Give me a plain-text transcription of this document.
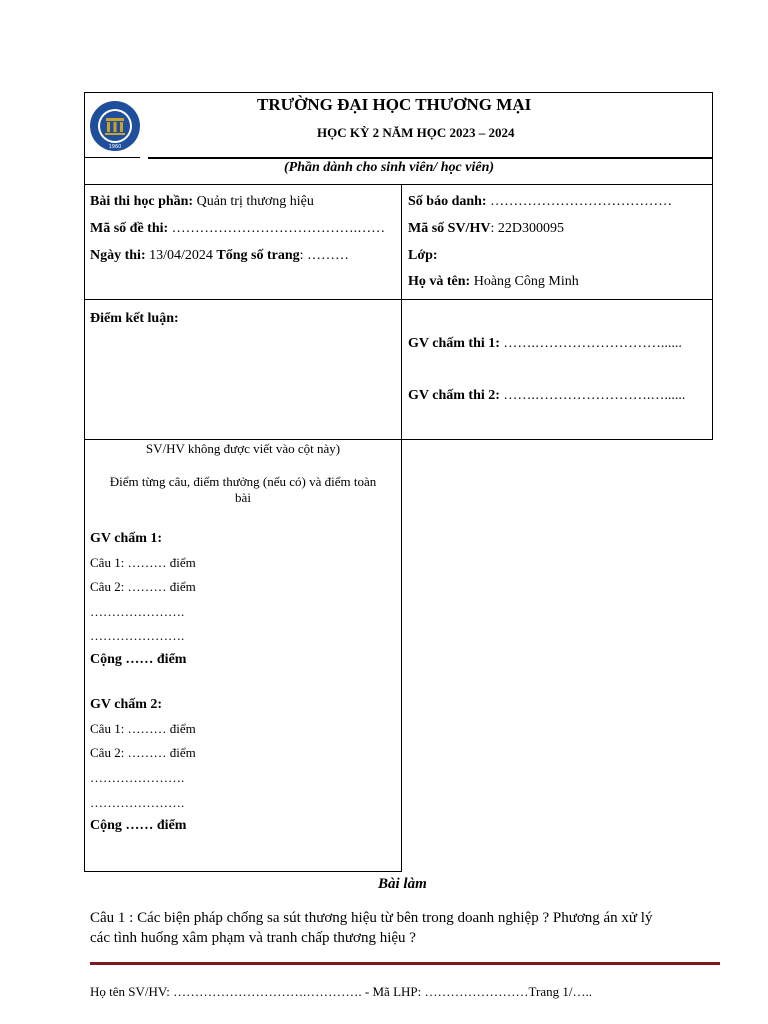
1960
TRƯỜNG ĐẠI HỌC THƯƠNG MẠI
HỌC KỲ 2 NĂM HỌC 2023 – 2024
(Phần dành cho sinh viên/ học viên)
Bài thi học phần: Quản trị thương hiệu
Mã số đề thi: ………………………………….……
Ngày thi: 13/04/2024 Tổng số trang: ………
Số báo danh: …………………………………
Mã số SV/HV: 22D300095
Lớp:
Họ và tên: Hoàng Công Minh
Điểm kết luận:
GV chấm thi 1: …….………………………......
GV chấm thi 2: …….…………………….…......
SV/HV không được viết vào cột này)
Điểm từng câu, điểm thưởng (nếu có) và điểm toàn
bài
GV chấm 1:
Câu 1: ……… điểm
Câu 2: ……… điểm
………………….
………………….
Cộng …… điểm
GV chấm 2:
Câu 1: ……… điểm
Câu 2: ……… điểm
………………….
………………….
Cộng …… điểm
Bài làm
Câu 1 : Các biện pháp chống sa sút thương hiệu từ bên trong doanh nghiệp ? Phương án xử lý
các tình huống xâm phạm và tranh chấp thương hiệu ?
Họ tên SV/HV: ………………………….…………. - Mã LHP: ……………………Trang 1/…..
